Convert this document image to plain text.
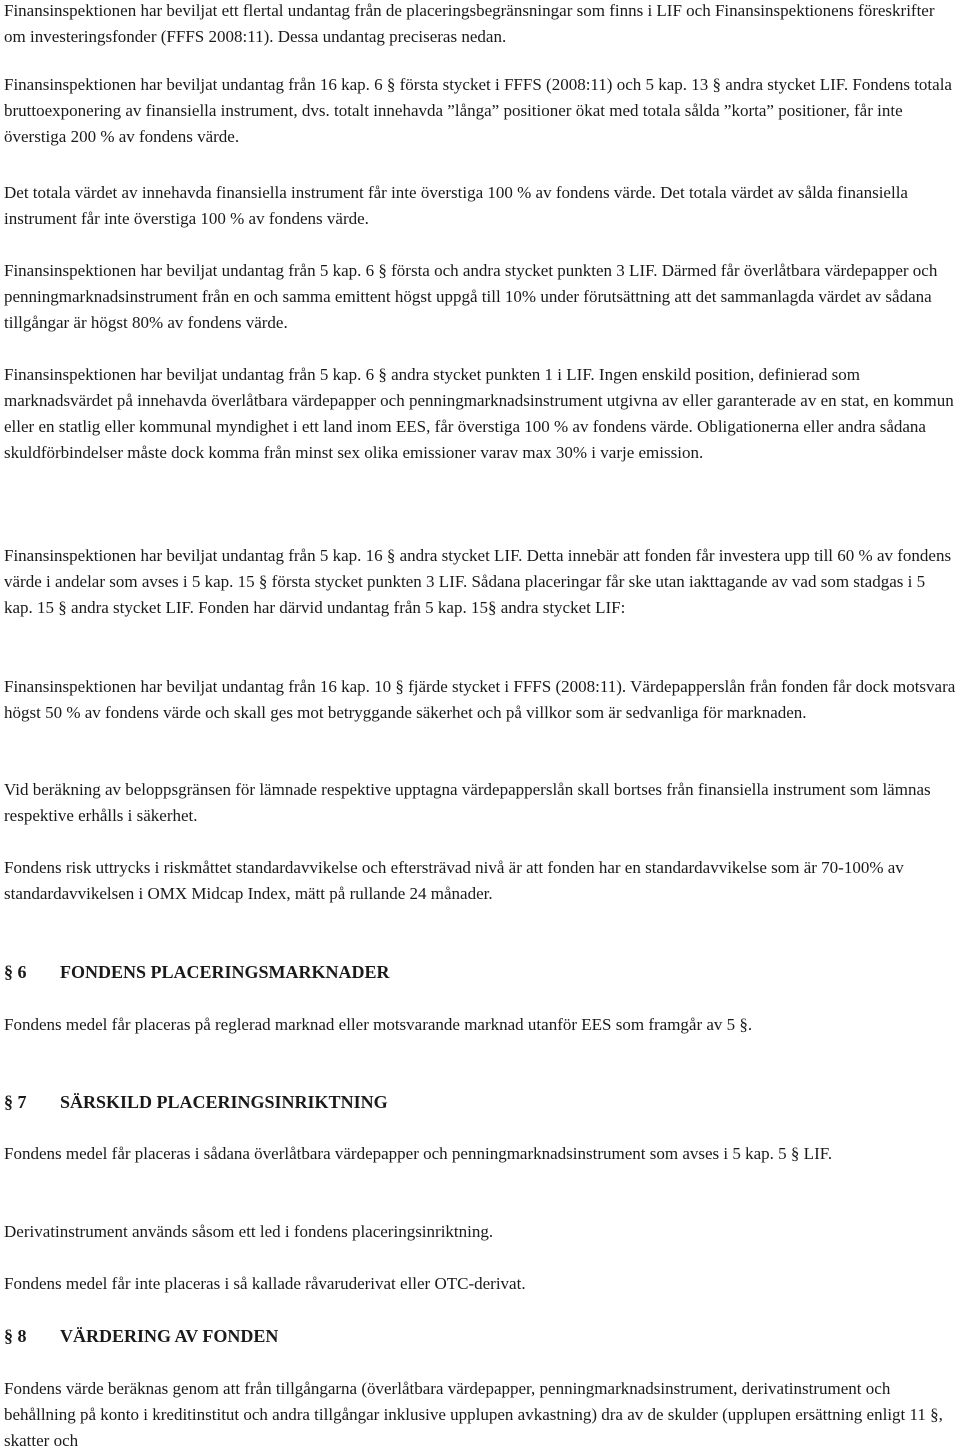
Finansinspektionen har beviljat ett flertal undantag från de placeringsbegränsningar som finns i LIF och Finansinspektionens föreskrifter om investeringsfonder (FFFS 2008:11). Dessa undantag preciseras nedan.

Finansinspektionen har beviljat undantag från 16 kap. 6 § första stycket i FFFS (2008:11) och 5 kap. 13 § andra stycket LIF. Fondens totala bruttoexponering av finansiella instrument, dvs. totalt innehavda ”långa” positioner ökat med totala sålda ”korta” positioner, får inte överstiga 200 % av fondens värde.

Det totala värdet av innehavda finansiella instrument får inte överstiga 100 % av fondens värde. Det totala värdet av sålda finansiella instrument får inte överstiga 100 % av fondens värde.

Finansinspektionen har beviljat undantag från 5 kap. 6 § första och andra stycket punkten 3 LIF. Därmed får överlåtbara värdepapper och penningmarknadsinstrument från en och samma emittent högst uppgå till 10% under förutsättning att det sammanlagda värdet av sådana tillgångar är högst 80% av fondens värde.

Finansinspektionen har beviljat undantag från 5 kap. 6 § andra stycket punkten 1 i LIF. Ingen enskild position, definierad som marknadsvärdet på innehavda överlåtbara värdepapper och penningmarknadsinstrument utgivna av eller garanterade av en stat, en kommun eller en statlig eller kommunal myndighet i ett land inom EES, får överstiga 100 % av fondens värde. Obligationerna eller andra sådana skuldförbindelser måste dock komma från minst sex olika emissioner varav max 30% i varje emission.

Finansinspektionen har beviljat undantag från 5 kap. 16 § andra stycket LIF. Detta innebär att fonden får investera upp till 60 % av fondens värde i andelar som avses i 5 kap. 15 § första stycket punkten 3 LIF. Sådana placeringar får ske utan iakttagande av vad som stadgas i 5 kap. 15 § andra stycket LIF. Fonden har därvid undantag från 5 kap. 15§ andra stycket LIF:

Finansinspektionen har beviljat undantag från 16 kap. 10 § fjärde stycket i FFFS (2008:11). Värdepapperslån från fonden får dock motsvara högst 50 % av fondens värde och skall ges mot betryggande säkerhet och på villkor som är sedvanliga för marknaden.

Vid beräkning av beloppsgränsen för lämnade respektive upptagna värdepapperslån skall bortses från finansiella instrument som lämnas respektive erhålls i säkerhet.

Fondens risk uttrycks i riskmåttet standardavvikelse och eftersträvad nivå är att fonden har en standardavvikelse som är 70-100% av standardavvikelsen i OMX Midcap Index, mätt på rullande 24 månader.

§ 6	FONDENS PLACERINGSMARKNADER

Fondens medel får placeras på reglerad marknad eller motsvarande marknad utanför EES som framgår av 5 §.

§ 7	SÄRSKILD PLACERINGSINRIKTNING

Fondens medel får placeras i sådana överlåtbara värdepapper och penningmarknadsinstrument som avses i 5 kap. 5 § LIF.

Derivatinstrument används såsom ett led i fondens placeringsinriktning.

Fondens medel får inte placeras i så kallade råvaruderivat eller OTC-derivat.

§ 8	VÄRDERING AV FONDEN

Fondens värde beräknas genom att från tillgångarna (överlåtbara värdepapper, penningmarknadsinstrument, derivatinstrument och behållning på konto i kreditinstitut och andra tillgångar inklusive upplupen avkastning) dra av de skulder (upplupen ersättning enligt 11 §, skatter och
